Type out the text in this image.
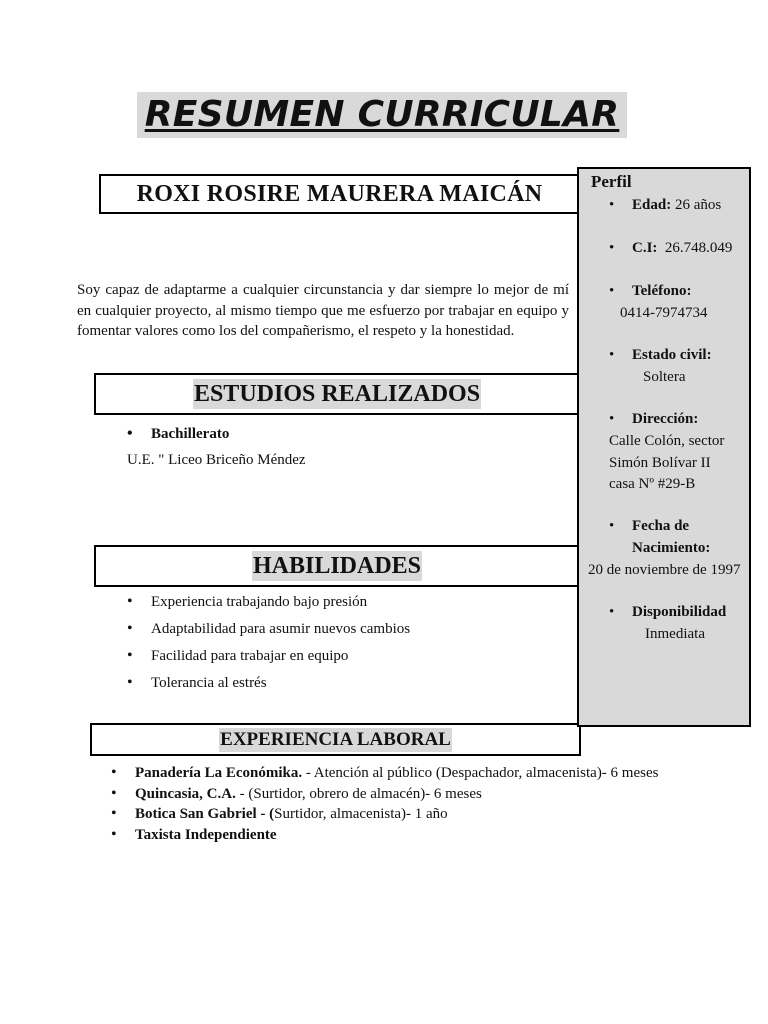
RESUMEN CURRICULAR
ROXI ROSIRE MAURERA MAICÁN
Soy capaz de adaptarme a cualquier circunstancia y dar siempre lo mejor de mí en cualquier proyecto, al mismo tiempo que me esfuerzo por trabajar en equipo y fomentar valores como los del compañerismo, el respeto y la honestidad.
ESTUDIOS REALIZADOS
• Bachillerato
U.E. " Liceo Briceño Méndez
HABILIDADES
• Experiencia trabajando bajo presión
• Adaptabilidad para asumir nuevos cambios
• Facilidad para trabajar en equipo
• Tolerancia al estrés
EXPERIENCIA LABORAL
• Panadería La Económika. - Atención al público (Despachador, almacenista)- 6 meses
• Quincasia, C.A. - (Surtidor, obrero de almacén)- 6 meses
• Botica San Gabriel - (Surtidor, almacenista)- 1 año
• Taxista Independiente
Perfil
• Edad: 26 años
• C.I: 26.748.049
• Teléfono:
0414-7974734
• Estado civil:
Soltera
• Dirección:
Calle Colón, sector
Simón Bolívar II
casa Nº #29-B
• Fecha de
Nacimiento:
20 de noviembre de 1997
• Disponibilidad
Inmediata
